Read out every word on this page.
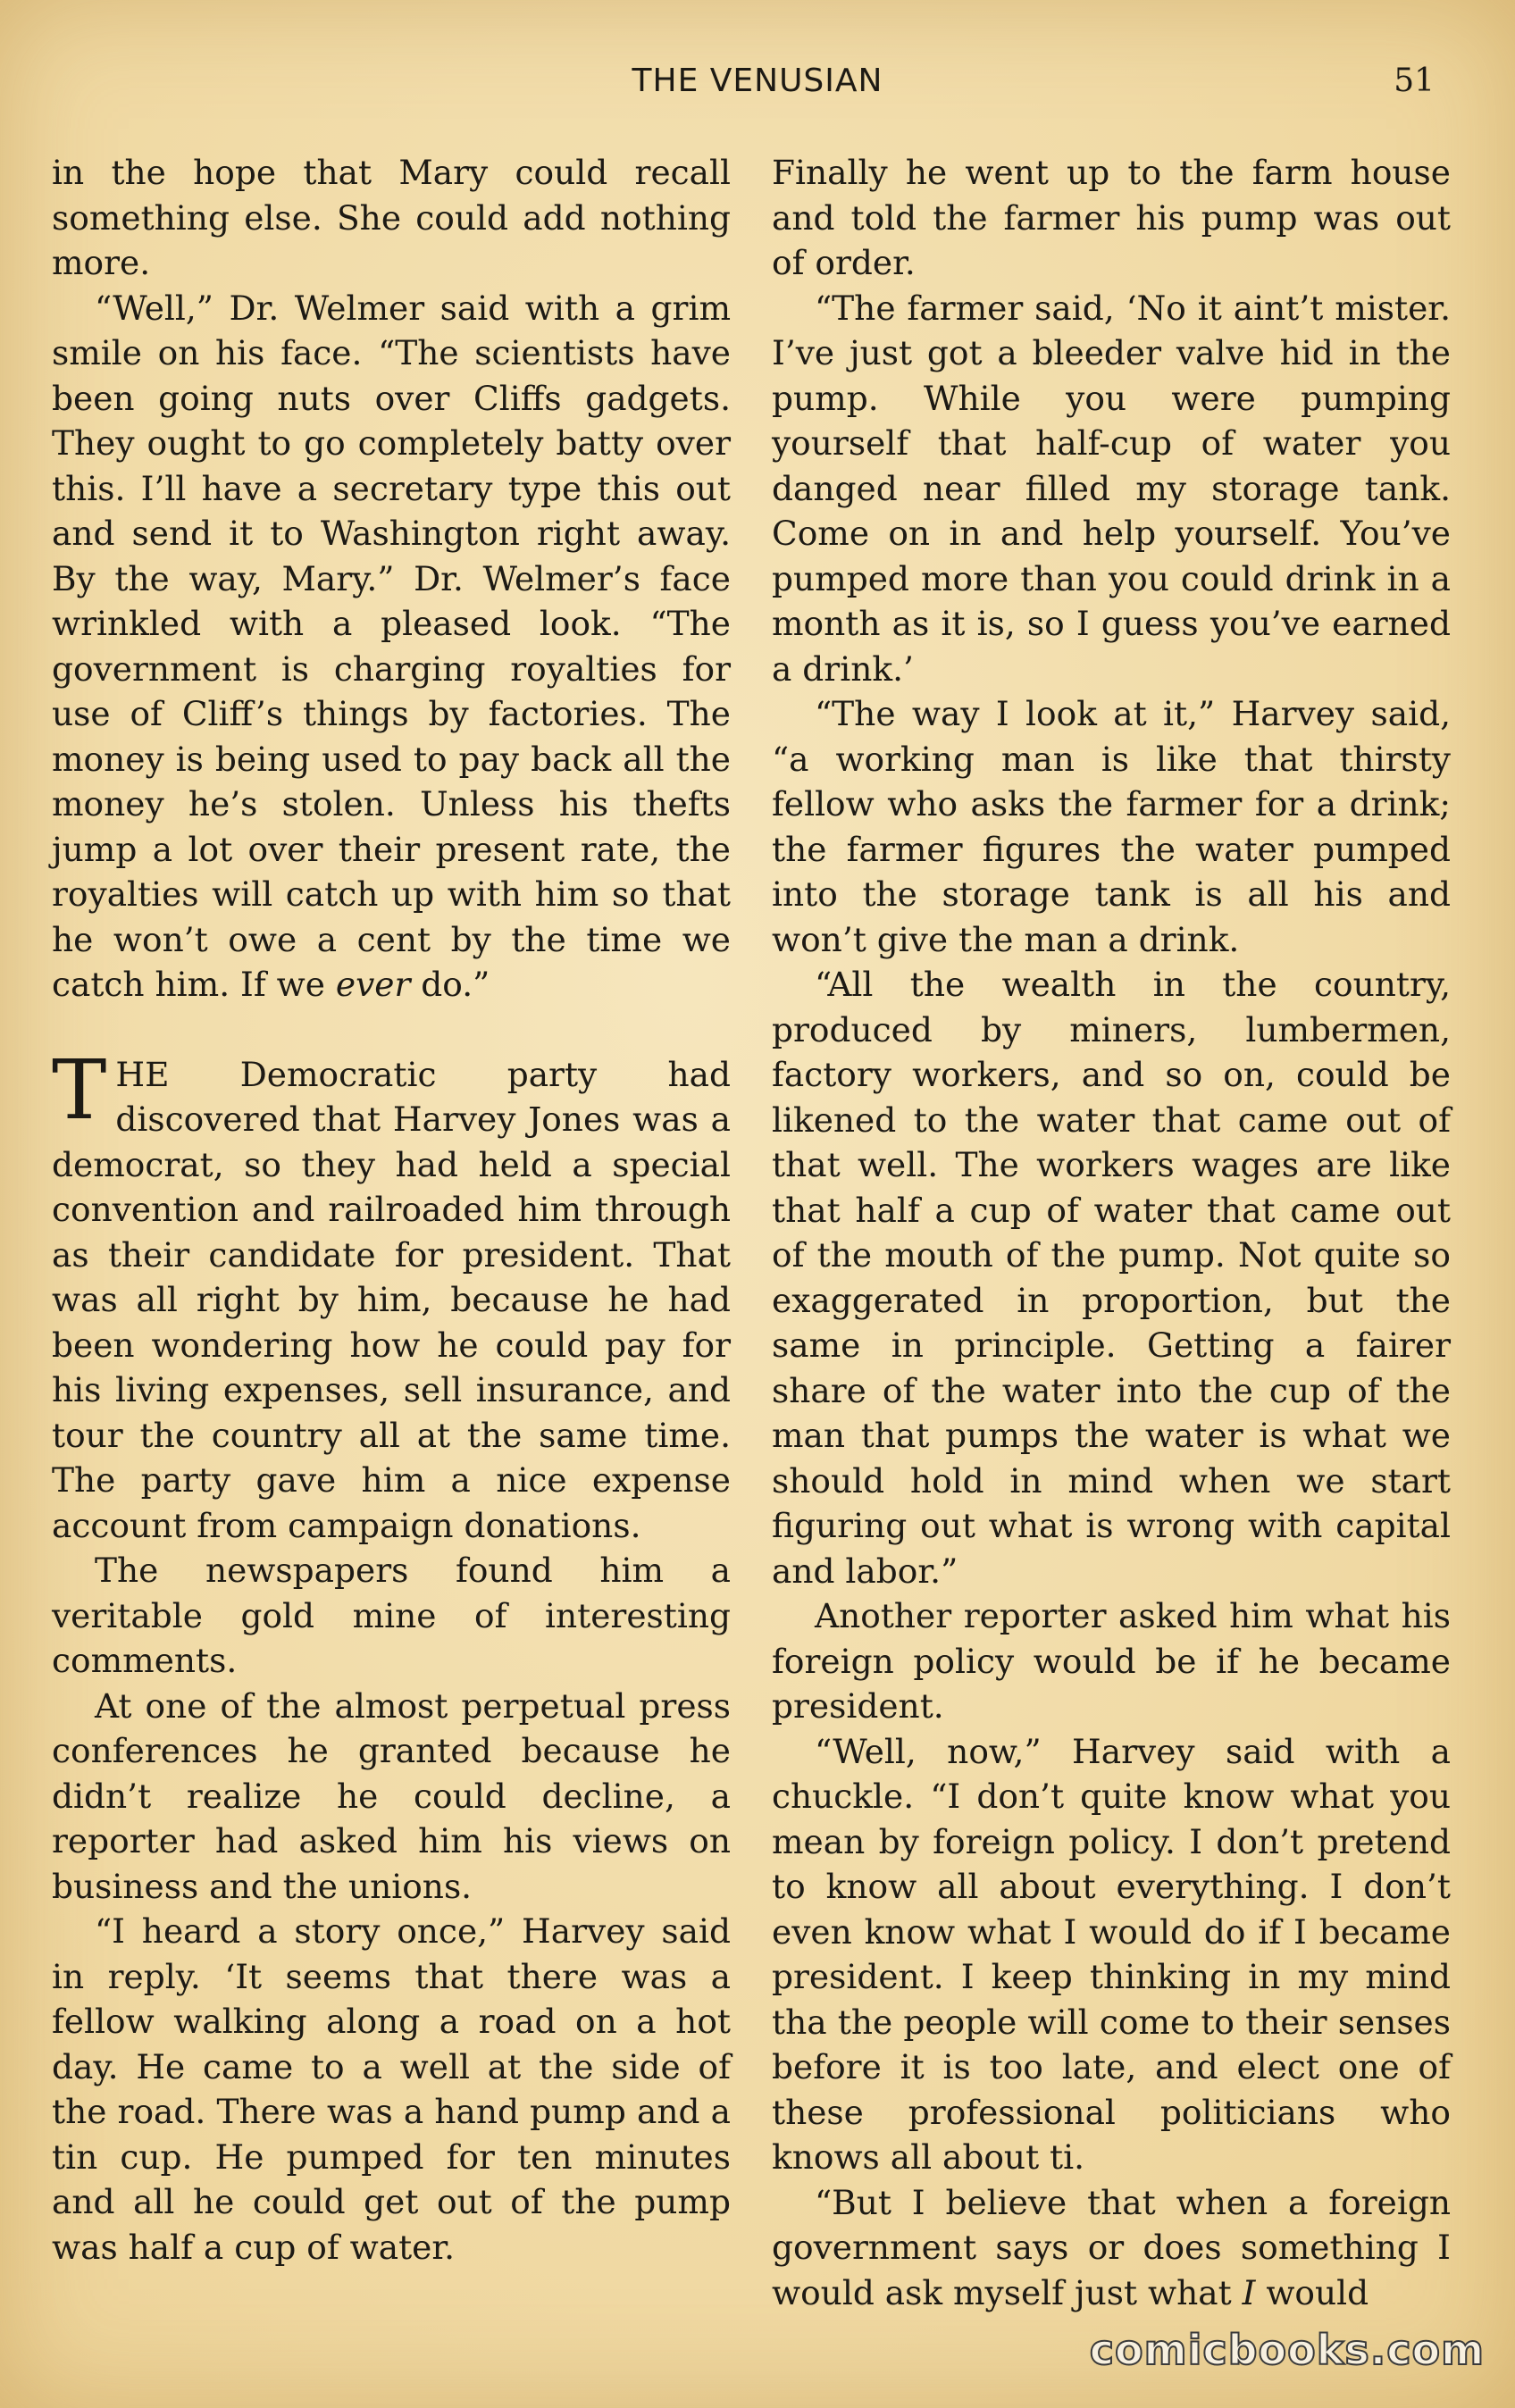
THE VENUSIAN	51

in the hope that Mary could recall something else. She could add nothing more.

“Well,” Dr. Welmer said with a grim smile on his face. “The scientists have been going nuts over Cliffs gadgets. They ought to go completely batty over this. I’ll have a secretary type this out and send it to Washington right away. By the way, Mary.” Dr. Welmer’s face wrinkled with a pleased look. “The government is charging royalties for use of Cliff’s things by factories. The money is being used to pay back all the money he’s stolen. Unless his thefts jump a lot over their present rate, the royalties will catch up with him so that he won’t owe a cent by the time we catch him. If we ever do.”

THE Democratic party had discovered that Harvey Jones was a democrat, so they had held a special convention and railroaded him through as their candidate for president. That was all right by him, because he had been wondering how he could pay for his living expenses, sell insurance, and tour the country all at the same time. The party gave him a nice expense account from campaign donations.

The newspapers found him a veritable gold mine of interesting comments.

At one of the almost perpetual press conferences he granted because he didn’t realize he could decline, a reporter had asked him his views on business and the unions.

“I heard a story once,” Harvey said in reply. ‘It seems that there was a fellow walking along a road on a hot day. He came to a well at the side of the road. There was a hand pump and a tin cup. He pumped for ten minutes and all he could get out of the pump was half a cup of water.

Finally he went up to the farm house and told the farmer his pump was out of order.

“The farmer said, ‘No it aint’t mister. I’ve just got a bleeder valve hid in the pump. While you were pumping yourself that half-cup of water you danged near filled my storage tank. Come on in and help yourself. You’ve pumped more than you could drink in a month as it is, so I guess you’ve earned a drink.’

“The way I look at it,” Harvey said, “a working man is like that thirsty fellow who asks the farmer for a drink; the farmer figures the water pumped into the storage tank is all his and won’t give the man a drink.

“All the wealth in the country, produced by miners, lumbermen, factory workers, and so on, could be likened to the water that came out of that well. The workers wages are like that half a cup of water that came out of the mouth of the pump. Not quite so exaggerated in proportion, but the same in principle. Getting a fairer share of the water into the cup of the man that pumps the water is what we should hold in mind when we start figuring out what is wrong with capital and labor.”

Another reporter asked him what his foreign policy would be if he became president.

“Well, now,” Harvey said with a chuckle. “I don’t quite know what you mean by foreign policy. I don’t pretend to know all about everything. I don’t even know what I would do if I became president. I keep thinking in my mind tha the people will come to their senses before it is too late, and elect one of these professional politicians who knows all about ti.

“But I believe that when a foreign government says or does something I would ask myself just what I would

comicbooks.com
